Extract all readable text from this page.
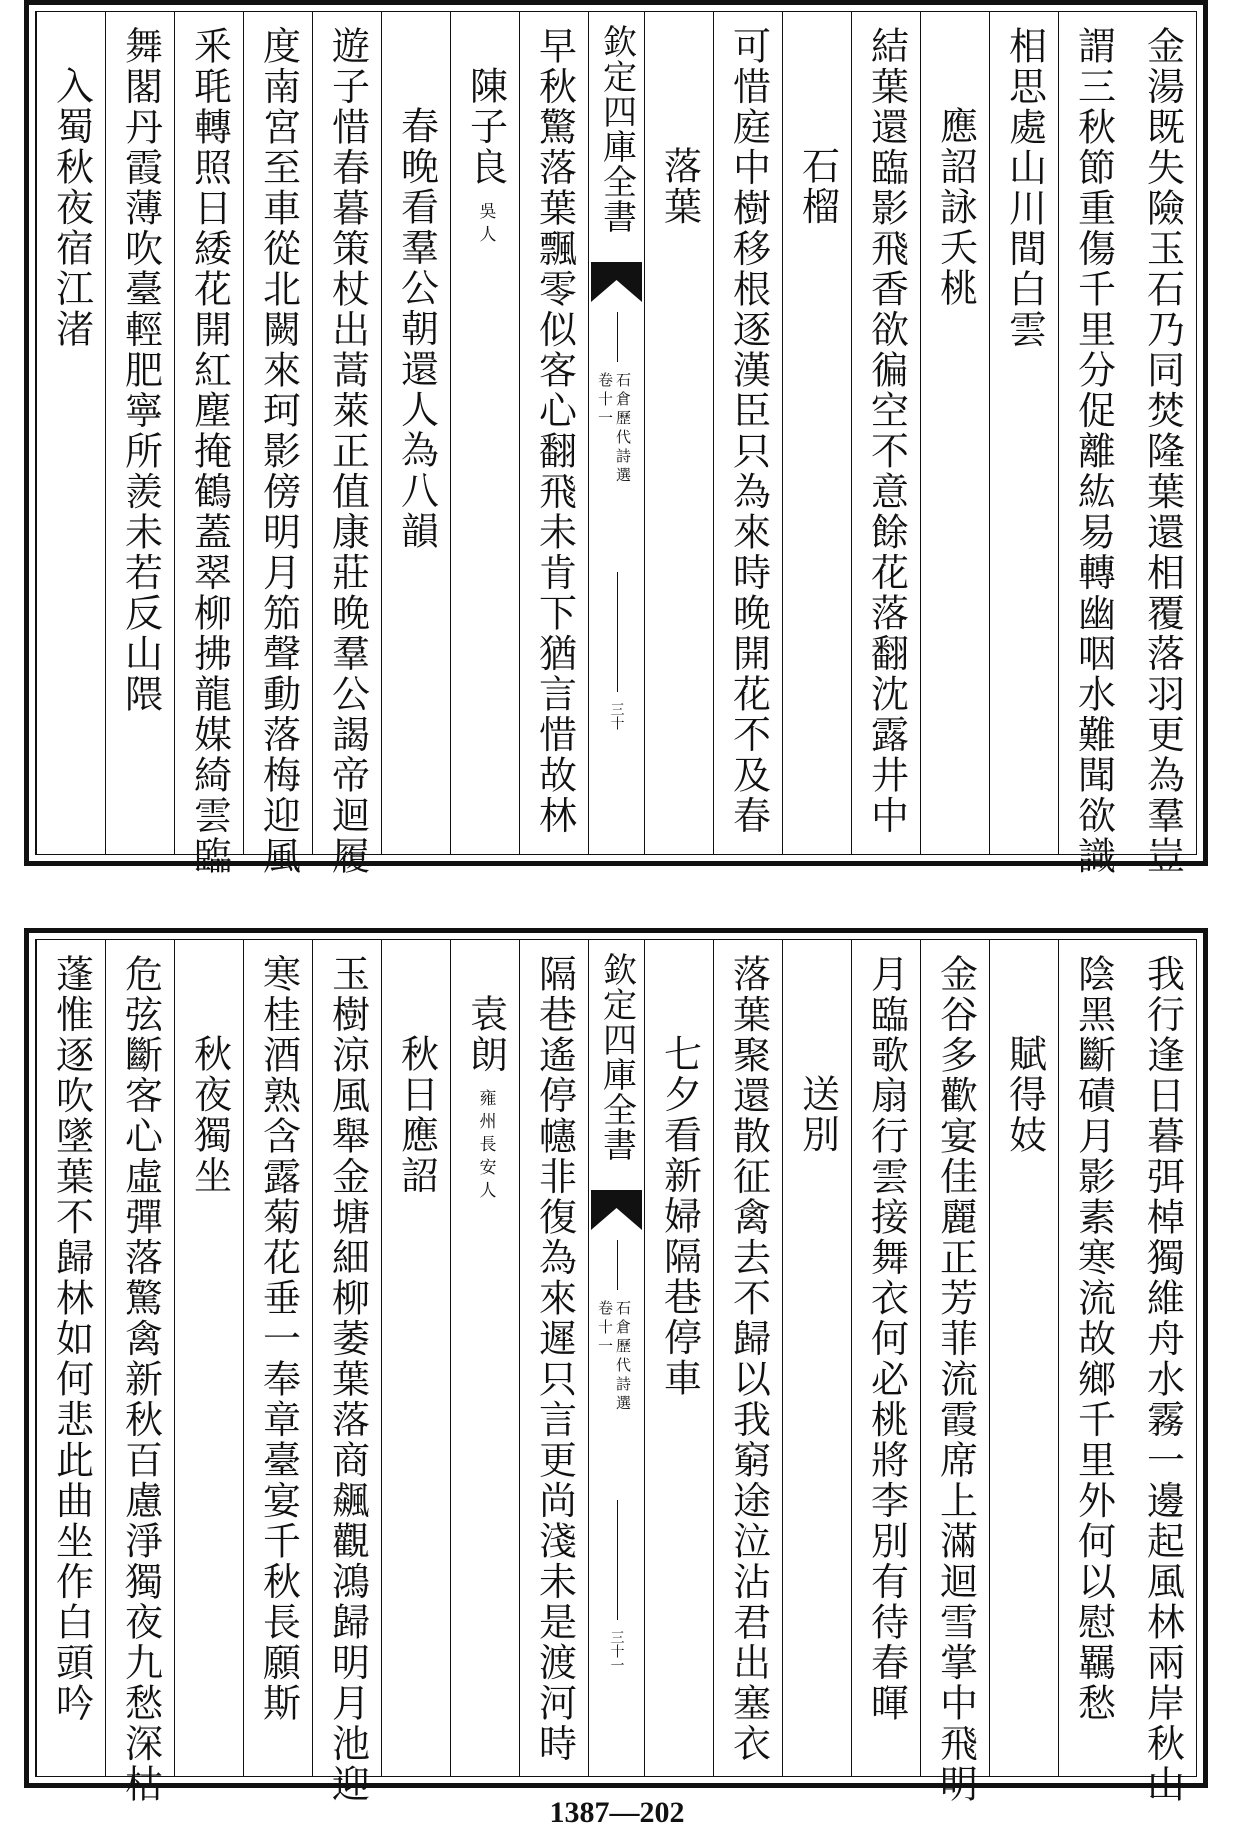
金湯既失險玉石乃同焚隆葉還相覆落羽更為羣豈
謂三秋節重傷千里分促離紘易轉幽咽水難聞欲識
相思處山川間白雲
應詔詠夭桃
結葉還臨影飛香欲徧空不意餘花落翻沈露井中
石榴
可惜庭中樹移根逐漢臣只為來時晚開花不及春
落葉
欽定四庫全書
石倉歷代詩選
卷十一
三十
早秋驚落葉飄零似客心翻飛未肯下猶言惜故林
陳子良吳人
春晚看羣公朝還人為八韻
遊子惜春暮策杖出蒿萊正值康莊晚羣公謁帝迴履
度南宮至車從北闕來珂影傍明月笳聲動落梅迎風
釆毦轉照日緌花開紅塵掩鶴蓋翠柳拂龍媒綺雲臨
舞閣丹霞薄吹臺輕肥寧所羨未若反山隈
入蜀秋夜宿江渚
我行逢日暮弭棹獨維舟水霧一邊起風林兩岸秋山
陰黑斷磧月影素寒流故鄉千里外何以慰羈愁
賦得妓
金谷多歡宴佳麗正芳菲流霞席上滿迴雪掌中飛明
月臨歌扇行雲接舞衣何必桃將李別有待春暉
送別
落葉聚還散征禽去不歸以我窮途泣沾君出塞衣
七夕看新婦隔巷停車
欽定四庫全書
石倉歷代詩選
卷十一
三十一
隔巷遙停幰非復為來遲只言更尚淺未是渡河時
袁朗雍州長安人
秋日應詔
玉樹涼風舉金塘細柳萎葉落商飆觀鴻歸明月池迎
寒桂酒熟含露菊花垂一奉章臺宴千秋長願斯
秋夜獨坐
危弦斷客心虛彈落驚禽新秋百慮淨獨夜九愁深枯
蓬惟逐吹墜葉不歸林如何悲此曲坐作白頭吟
1387—202
